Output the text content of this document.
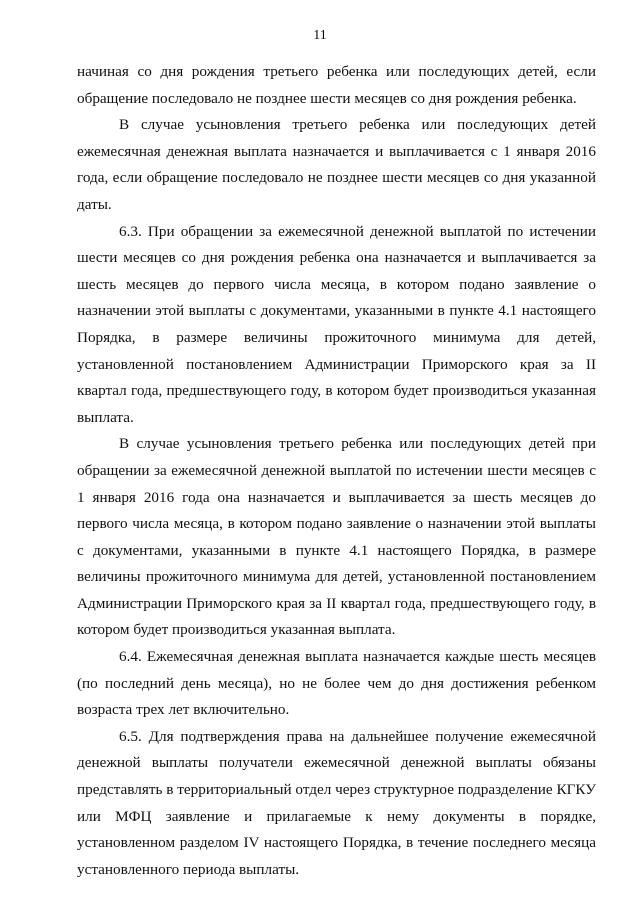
11

начиная со дня рождения третьего ребенка или последующих детей, если обращение последовало не позднее шести месяцев со дня рождения ребенка.

В случае усыновления третьего ребенка или последующих детей ежемесячная денежная выплата назначается и выплачивается с 1 января 2016 года, если обращение последовало не позднее шести месяцев со дня указанной даты.

6.3. При обращении за ежемесячной денежной выплатой по истечении шести месяцев со дня рождения ребенка она назначается и выплачивается за шесть месяцев до первого числа месяца, в котором подано заявление о назначении этой выплаты с документами, указанными в пункте 4.1 настоящего Порядка, в размере величины прожиточного минимума для детей, установленной постановлением Администрации Приморского края за II квартал года, предшествующего году, в котором будет производиться указанная выплата.

В случае усыновления третьего ребенка или последующих детей при обращении за ежемесячной денежной выплатой по истечении шести месяцев с 1 января 2016 года она назначается и выплачивается за шесть месяцев до первого числа месяца, в котором подано заявление о назначении этой выплаты с документами, указанными в пункте 4.1 настоящего Порядка, в размере величины прожиточного минимума для детей, установленной постановлением Администрации Приморского края за II квартал года, предшествующего году, в котором будет производиться указанная выплата.

6.4. Ежемесячная денежная выплата назначается каждые шесть месяцев (по последний день месяца), но не более чем до дня достижения ребенком возраста трех лет включительно.

6.5. Для подтверждения права на дальнейшее получение ежемесячной денежной выплаты получатели ежемесячной денежной выплаты обязаны представлять в территориальный отдел через структурное подразделение КГКУ или МФЦ заявление и прилагаемые к нему документы в порядке, установленном разделом IV настоящего Порядка, в течение последнего месяца установленного периода выплаты.
